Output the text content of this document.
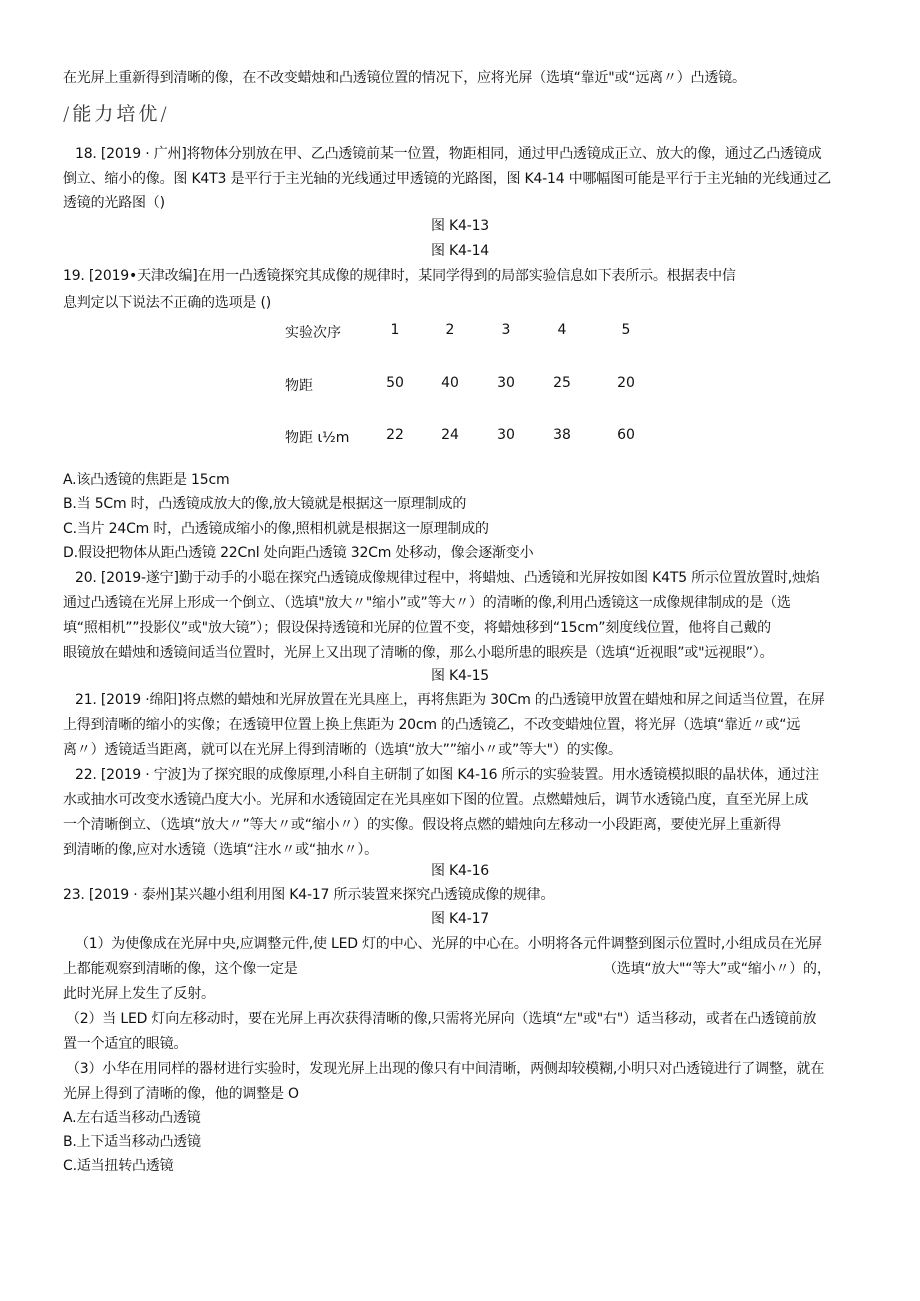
在光屏上重新得到清晰的像，在不改变蜡烛和凸透镜位置的情况下，应将光屏（选填“靠近"或“远离〃）凸透镜。
/能力培优/
18. [2019 · 广州]将物体分别放在甲、乙凸透镜前某一位置，物距相同，通过甲凸透镜成正立、放大的像，通过乙凸透镜成
倒立、缩小的像。图 K4T3 是平行于主光轴的光线通过甲透镜的光路图，图 K4-14 中哪幅图可能是平行于主光轴的光线通过乙
透镜的光路图（)
图 K4-13
图 K4-14
19. [2019•天津改编]在用一凸透镜探究其成像的规律时，某同学得到的局部实验信息如下表所示。根据表中信
息判定以下说法不正确的选项是 ()
实验次序	1	2	3	4	5
物距	50	40	30	25	20
物距 ι½m	22	24	30	38	60
A.该凸透镜的焦距是 15cm
B.当 5Cm 时，凸透镜成放大的像,放大镜就是根据这一原理制成的
C.当片 24Cm 时，凸透镜成缩小的像,照相机就是根据这一原理制成的
D.假设把物体从距凸透镜 22Cnl 处向距凸透镜 32Cm 处移动，像会逐渐变小
20. [2019-遂宁]勤于动手的小聪在探究凸透镜成像规律过程中，将蜡烛、凸透镜和光屏按如图 K4T5 所示位置放置时,烛焰
通过凸透镜在光屏上形成一个倒立、（选填"放大〃"缩小”或”等大〃）的清晰的像,利用凸透镜这一成像规律制成的是（选
填“照相机””投影仪”或"放大镜”）；假设保持透镜和光屏的位置不变，将蜡烛移到“15cm”刻度线位置，他将自己戴的
眼镜放在蜡烛和透镜间适当位置时，光屏上又出现了清晰的像，那么小聪所患的眼疾是（选填“近视眼”或"远视眼”）。
图 K4-15
21. [2019 ·绵阳]将点燃的蜡烛和光屏放置在光具座上，再将焦距为 30Cm 的凸透镜甲放置在蜡烛和屏之间适当位置，在屏
上得到清晰的缩小的实像；在透镜甲位置上换上焦距为 20cm 的凸透镜乙，不改变蜡烛位置，将光屏（选填“靠近〃或“远
离〃）透镜适当距离，就可以在光屏上得到清晰的（选填“放大””缩小〃或”等大"）的实像。
22. [2019 · 宁波]为了探究眼的成像原理,小科自主研制了如图 K4-16 所示的实验装置。用水透镜模拟眼的晶状体，通过注
水或抽水可改变水透镜凸度大小。光屏和水透镜固定在光具座如下图的位置。点燃蜡烛后，调节水透镜凸度，直至光屏上成
一个清晰倒立、（选填“放大〃”等大〃或“缩小〃）的实像。假设将点燃的蜡烛向左移动一小段距离，要使光屏上重新得
到清晰的像,应对水透镜（选填“注水〃或“抽水〃）。
图 K4-16
23. [2019 · 泰州]某兴趣小组利用图 K4-17 所示装置来探究凸透镜成像的规律。
图 K4-17
（1）为使像成在光屏中央,应调整元件,使 LED 灯的中心、光屏的中心在。小明将各元件调整到图示位置时,小组成员在光屏
上都能观察到清晰的像，这个像一定是	（选填“放大"“等大”或“缩小〃）的，
此时光屏上发生了反射。
（2）当 LED 灯向左移动时，要在光屏上再次获得清晰的像,只需将光屏向（选填“左"或"右"）适当移动，或者在凸透镜前放
置一个适宜的眼镜。
（3）小华在用同样的器材进行实验时，发现光屏上出现的像只有中间清晰，两侧却较模糊,小明只对凸透镜进行了调整，就在
光屏上得到了清晰的像，他的调整是 O
A.左右适当移动凸透镜
B.上下适当移动凸透镜
C.适当扭转凸透镜
